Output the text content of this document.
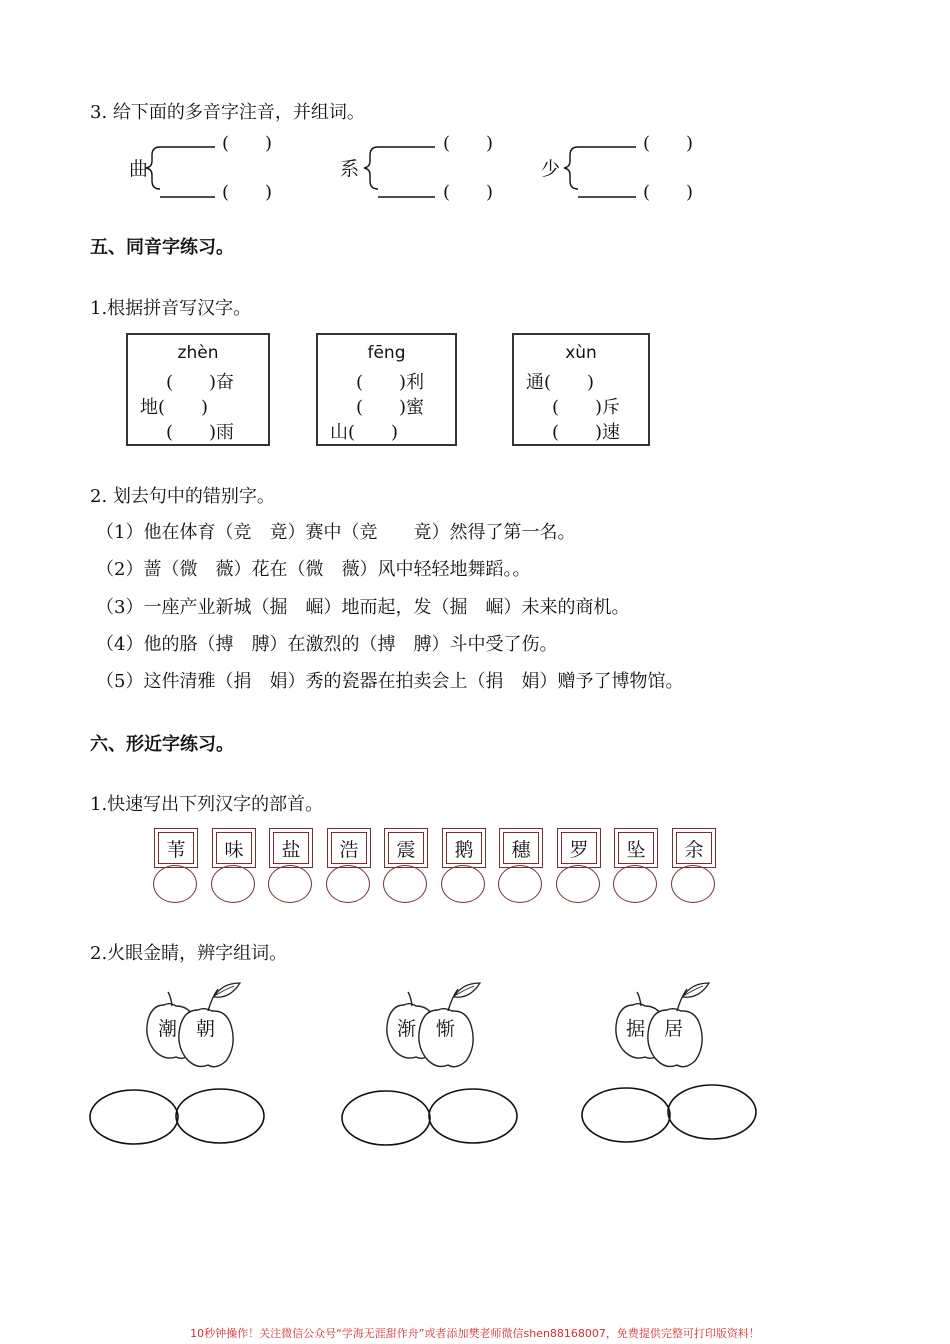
3. 给下面的多音字注音，并组词。
曲	系	少
(　　)
(　　)
(　　)
(　　)
(　　)
(　　)
五、同音字练习。
1.根据拼音写汉字。
zhèn
(　　)奋
地(　　)
(　　)雨
fēng
(　　)利
(　　)蜜
山(　　)
xùn
通(　　)
(　　)斥
(　　)速
2. 划去句中的错别字。
（1）他在体育（竞　竟）赛中（竞　　竟）然得了第一名。
（2）蔷（微　薇）花在（微　薇）风中轻轻地舞蹈。。
（3）一座产业新城（掘　崛）地而起，发（掘　崛）未来的商机。
（4）他的胳（搏　膊）在激烈的（搏　膊）斗中受了伤。
（5）这件清雅（捐　娟）秀的瓷器在拍卖会上（捐　娟）赠予了博物馆。
六、形近字练习。
1.快速写出下列汉字的部首。
苇	味	盐	浩	震	鹅	穗	罗	坠	余
2.火眼金睛，辨字组词。
潮 朝	渐 惭	据 居
10秒钟操作！关注微信公众号“学海无涯甜作舟”或者添加樊老师微信shen88168007，免费提供完整可打印版资料！
